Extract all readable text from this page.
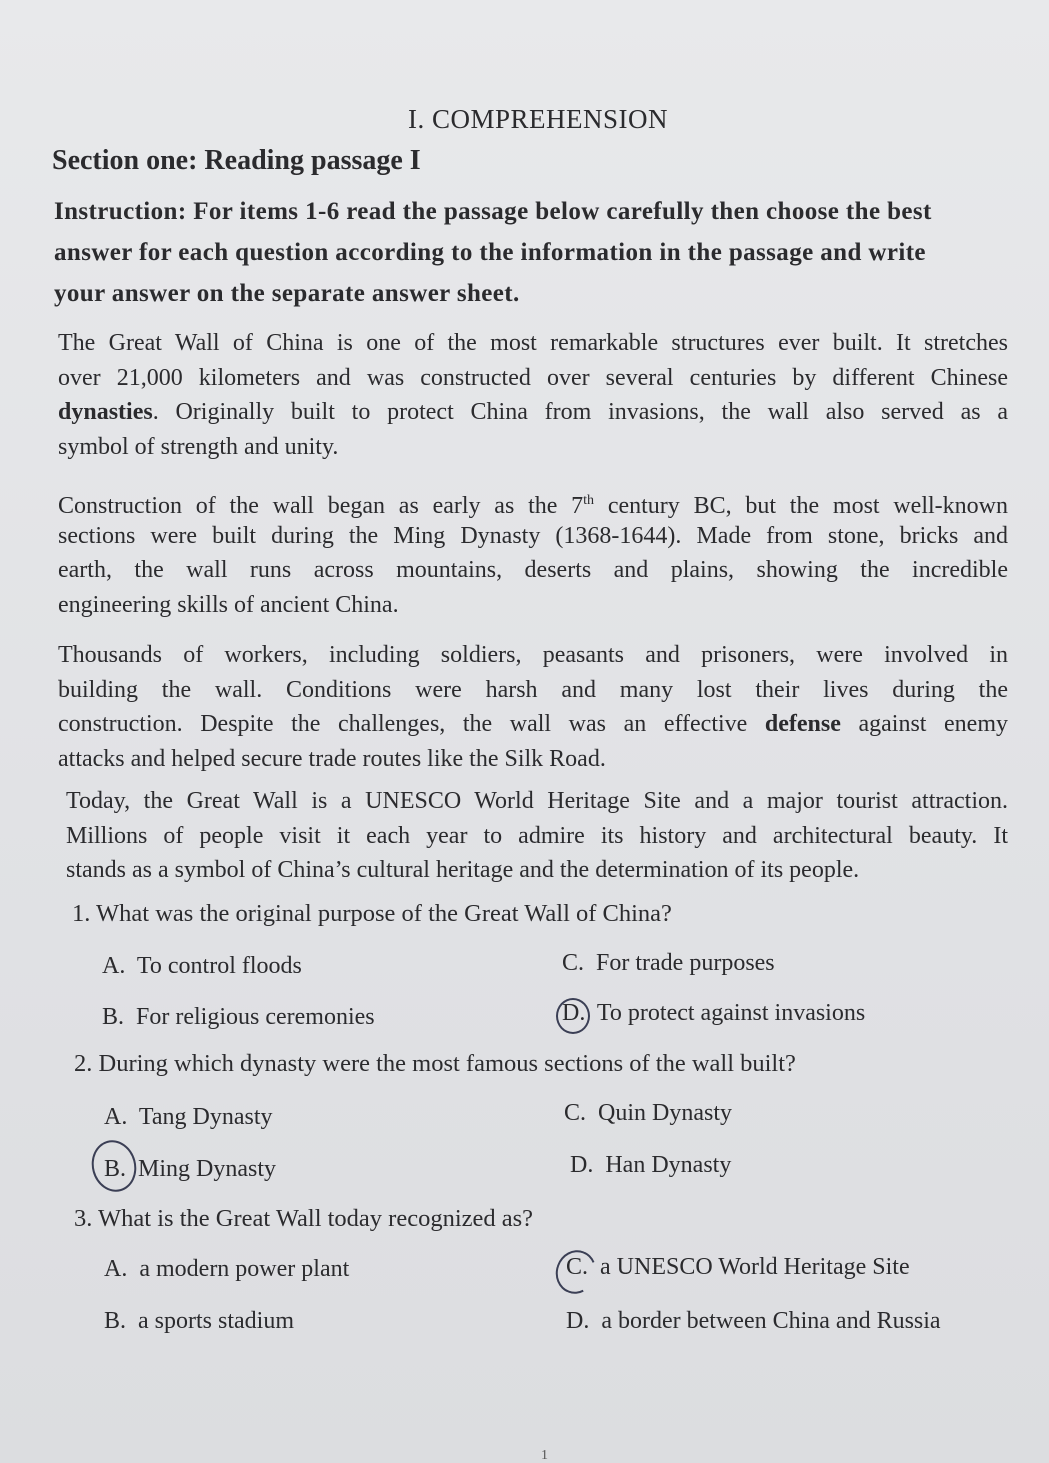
I. COMPREHENSION
Section one: Reading passage I
Instruction: For items 1-6 read the passage below carefully then choose the best
answer for each question according to the information in the passage and write
your answer on the separate answer sheet.
The Great Wall of China is one of the most remarkable structures ever built. It stretches
over 21,000 kilometers and was constructed over several centuries by different Chinese
dynasties. Originally built to protect China from invasions, the wall also served as a
symbol of strength and unity.
Construction of the wall began as early as the 7th century BC, but the most well-known
sections were built during the Ming Dynasty (1368-1644). Made from stone, bricks and
earth, the wall runs across mountains, deserts and plains, showing the incredible
engineering skills of ancient China.
Thousands of workers, including soldiers, peasants and prisoners, were involved in
building the wall. Conditions were harsh and many lost their lives during the
construction. Despite the challenges, the wall was an effective defense against enemy
attacks and helped secure trade routes like the Silk Road.
Today, the Great Wall is a UNESCO World Heritage Site and a major tourist attraction.
Millions of people visit it each year to admire its history and architectural beauty. It
stands as a symbol of China’s cultural heritage and the determination of its people.
1. What was the original purpose of the Great Wall of China?
A. To control floods	C. For trade purposes
B. For religious ceremonies	D. To protect against invasions
2. During which dynasty were the most famous sections of the wall built?
A. Tang Dynasty	C. Quin Dynasty
B. Ming Dynasty	D. Han Dynasty
3. What is the Great Wall today recognized as?
A. a modern power plant	C. a UNESCO World Heritage Site
B. a sports stadium	D. a border between China and Russia
1
